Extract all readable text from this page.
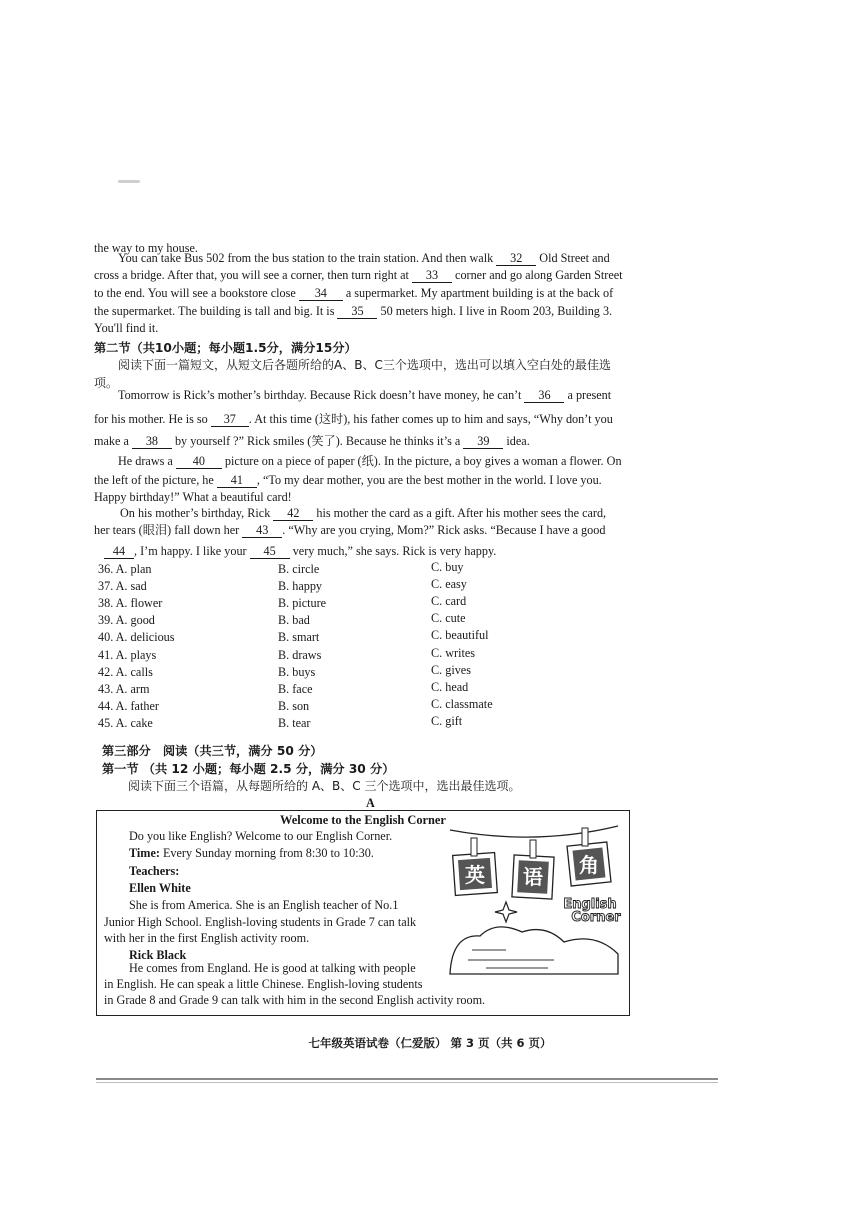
the way to my house.
You can take Bus 502 from the bus station to the train station. And then walk 32 Old Street and
cross a bridge. After that, you will see a corner, then turn right at 33 corner and go along Garden Street
to the end. You will see a bookstore close 34 a supermarket. My apartment building is at the back of
the supermarket. The building is tall and big. It is 35 50 meters high. I live in Room 203, Building 3.
You'll find it.
第二节（共10小题；每小题1.5分，满分15分）
阅读下面一篇短文，从短文后各题所给的A、B、C三个选项中，选出可以填入空白处的最佳选
项。
Tomorrow is Rick’s mother’s birthday. Because Rick doesn’t have money, he can’t 36 a present
for his mother. He is so 37 . At this time (这时), his father comes up to him and says, “Why don’t you
make a 38 by yourself ?” Rick smiles (笑了). Because he thinks it’s a 39 idea.
He draws a 40 picture on a piece of paper (纸). In the picture, a boy gives a woman a flower. On
the left of the picture, he 41 , “To my dear mother, you are the best mother in the world. I love you.
Happy birthday!” What a beautiful card!
On his mother’s birthday, Rick 42 his mother the card as a gift. After his mother sees the card,
her tears (眼泪) fall down her 43 . “Why are you crying, Mom?” Rick asks. “Because I have a good
44 , I’m happy. I like your 45 very much,” she says. Rick is very happy.
36. A. plan	B. circle	C. buy
37. A. sad	B. happy	C. easy
38. A. flower	B. picture	C. card
39. A. good	B. bad	C. cute
40. A. delicious	B. smart	C. beautiful
41. A. plays	B. draws	C. writes
42. A. calls	B. buys	C. gives
43. A. arm	B. face	C. head
44. A. father	B. son	C. classmate
45. A. cake	B. tear	C. gift
第三部分　阅读（共三节，满分 50 分）
第一节 （共 12 小题；每小题 2.5 分，满分 30 分）
阅读下面三个语篇，从每题所给的 A、B、C 三个选项中，选出最佳选项。
A
Welcome to the English Corner
Do you like English? Welcome to our English Corner.
Time: Every Sunday morning from 8:30 to 10:30.
Teachers:
Ellen White
She is from America. She is an English teacher of No.1
Junior High School. English-loving students in Grade 7 can talk
with her in the first English activity room.
Rick Black
He comes from England. He is good at talking with people
in English. He can speak a little Chinese. English-loving students
in Grade 8 and Grade 9 can talk with him in the second English activity room.
英 语 角
English
Corner
七年级英语试卷（仁爱版） 第 3 页（共 6 页）
